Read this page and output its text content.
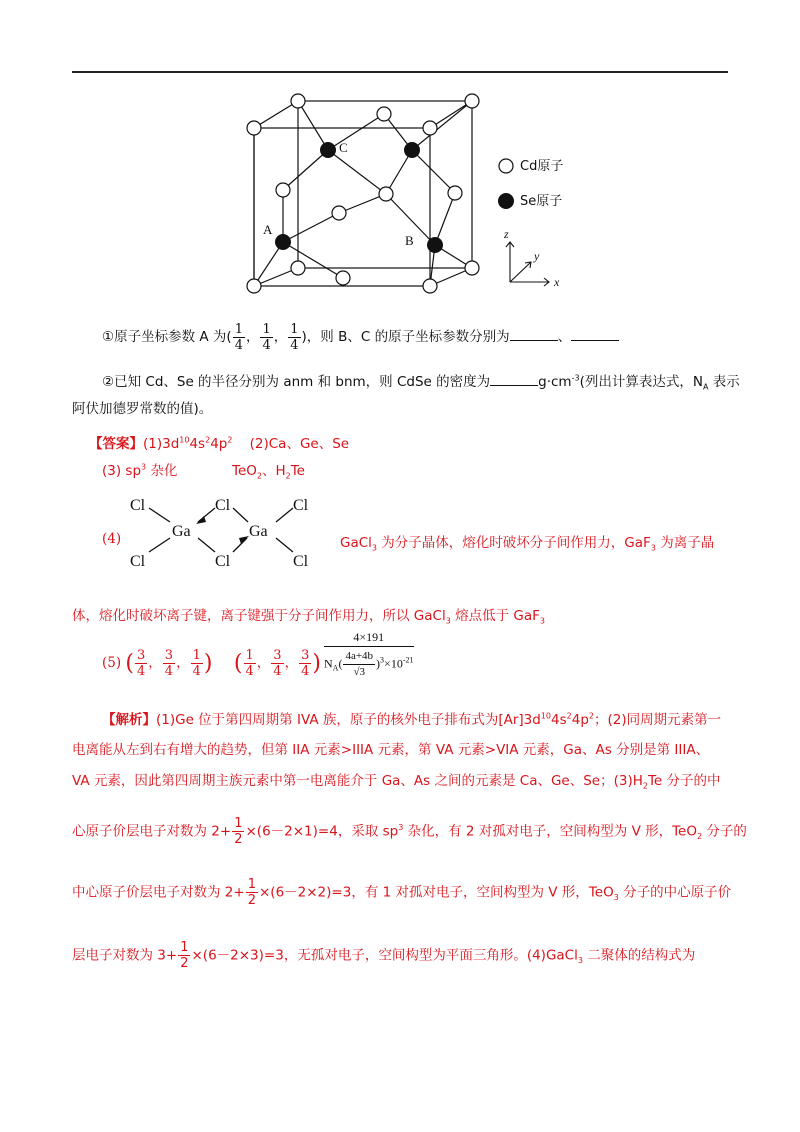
C
A
B
Cd原子
Se原子
z
y
x
①原子坐标参数 A 为( $\frac{1}{4}$ ， $\frac{1}{4}$ ， $\frac{1}{4}$ )，则 B、C 的原子坐标参数分别为	、
②已知 Cd、Se 的半径分别为 anm 和 bnm，则 CdSe 的密度为	$g\cdot cm^{-3}$(列出计算表达式，$N_A$ 表示
阿伏加德罗常数的值)。
【答案】$(1)3d^{10}4s^24p^2$ (2)Ca、Ge、Se
(3) $sp^3$ 杂化	TeO$_2$、$H_2Te$
(4)
Cl	Cl	Cl
Ga	Ga
Cl	Cl	Cl
GaCl$_3$ 为分子晶体，熔化时破坏分子间作用力，GaF$_3$ 为离子晶
体，熔化时破坏离子键，离子键强于分子间作用力，所以 GaCl$_3$ 熔点低于 GaF$_3$
(5) ( $\frac{3}{4}$ ， $\frac{3}{4}$ ， $\frac{1}{4}$ ) ( $\frac{1}{4}$ ， $\frac{3}{4}$ ， $\frac{3}{4}$ )
4×191
$N_A( \frac{4a+4b}{√3} )^3\times 10^{-21}$
【解析】(1)Ge 位于第四周期第 IVA 族，原子的核外电子排布式为$[Ar]3d^{10}4s^24p^2$；(2)同周期元素第一
电离能从左到右有增大的趋势，但第 IIA 元素>IIIA 元素，第 VA 元素>VIA 元素，Ga、As 分别是第 IIIA、
VA 元素，因此第四周期主族元素中第一电离能介于 Ga、As 之间的元素是 Ca、Ge、Se；$(3)H_2Te$ 分子的中
心原子价层电子对数为 $2+ \frac{1}{2} \times(6-2\times 1)=4$，采取 $sp^3$ 杂化，有 2 对孤对电子，空间构型为 V 形，TeO$_2$ 分子的
中心原子价层电子对数为 $2+ \frac{1}{2} \times(6-2\times 2)=3$，有 1 对孤对电子，空间构型为 V 形，TeO$_3$ 分子的中心原子价
层电子对数为 $3+ \frac{1}{2} \times(6-2\times 3)=3$，无孤对电子，空间构型为平面三角形。(4)GaCl$_3$ 二聚体的结构式为
